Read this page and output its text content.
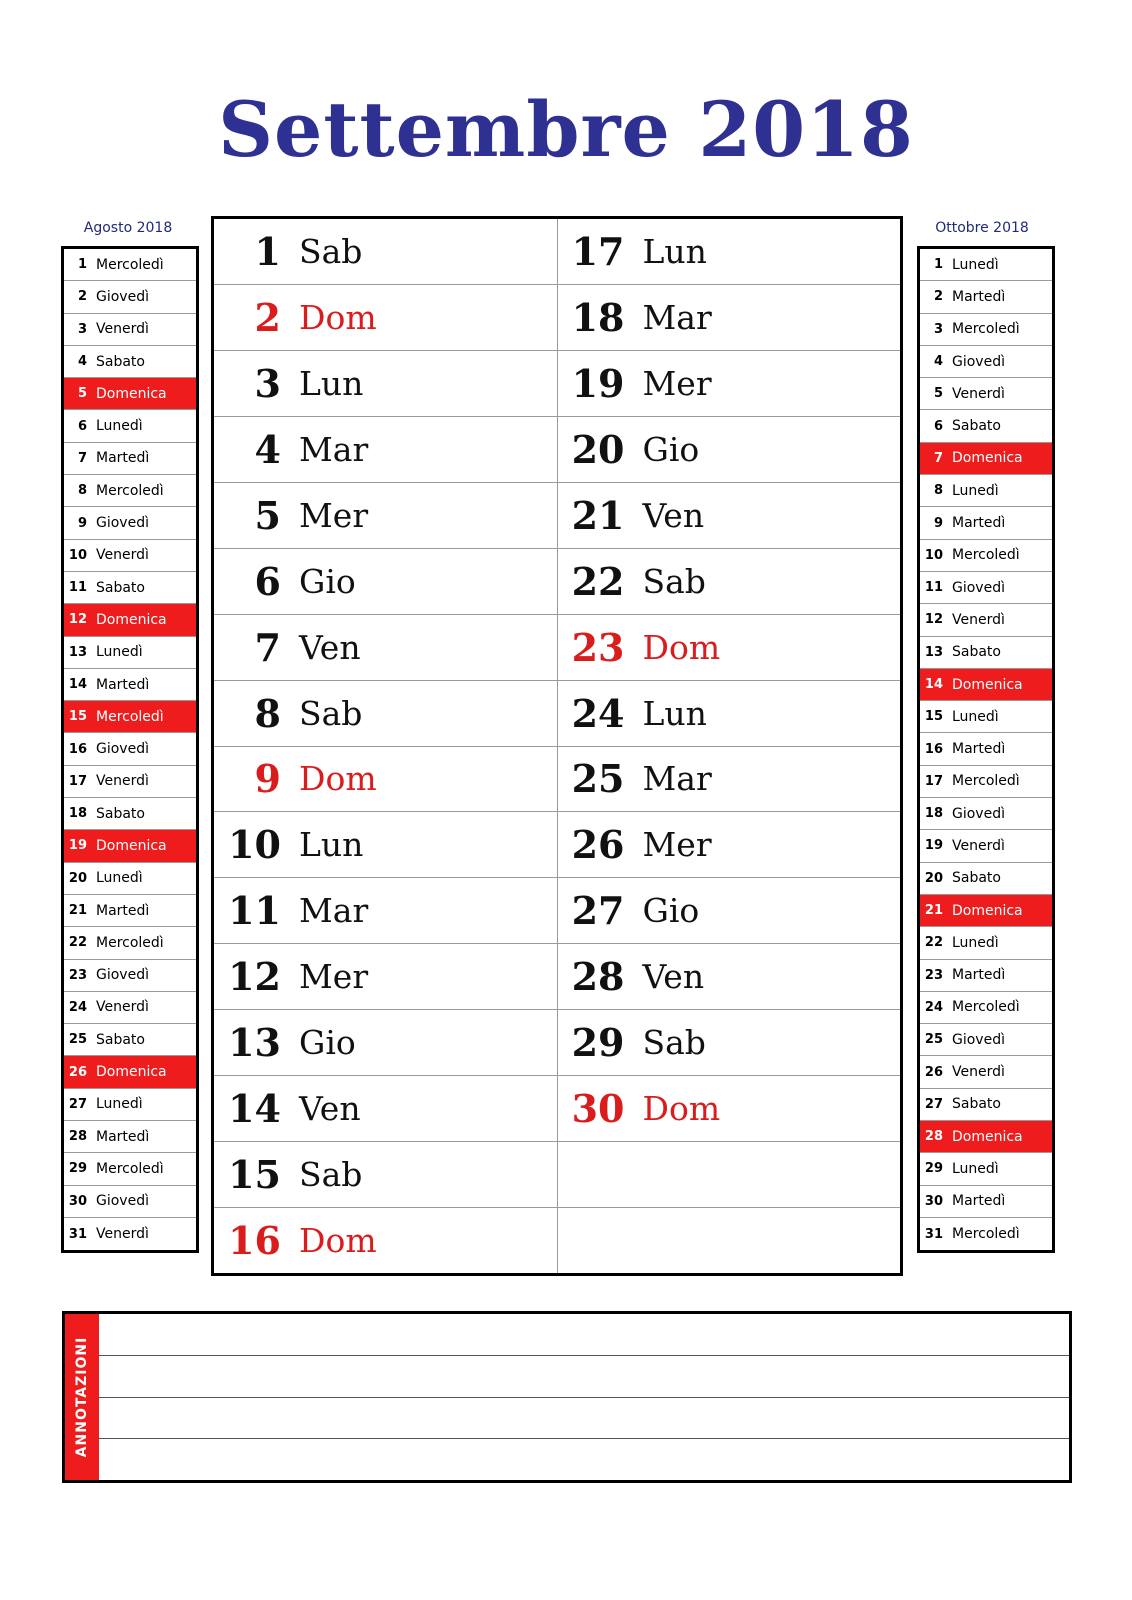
Settembre 2018
Agosto 2018
1 Mercoledì
2 Giovedì
3 Venerdì
4 Sabato
5 Domenica
6 Lunedì
7 Martedì
8 Mercoledì
9 Giovedì
10 Venerdì
11 Sabato
12 Domenica
13 Lunedì
14 Martedì
15 Mercoledì
16 Giovedì
17 Venerdì
18 Sabato
19 Domenica
20 Lunedì
21 Martedì
22 Mercoledì
23 Giovedì
24 Venerdì
25 Sabato
26 Domenica
27 Lunedì
28 Martedì
29 Mercoledì
30 Giovedì
31 Venerdì
Ottobre 2018
1 Lunedì
2 Martedì
3 Mercoledì
4 Giovedì
5 Venerdì
6 Sabato
7 Domenica
8 Lunedì
9 Martedì
10 Mercoledì
11 Giovedì
12 Venerdì
13 Sabato
14 Domenica
15 Lunedì
16 Martedì
17 Mercoledì
18 Giovedì
19 Venerdì
20 Sabato
21 Domenica
22 Lunedì
23 Martedì
24 Mercoledì
25 Giovedì
26 Venerdì
27 Sabato
28 Domenica
29 Lunedì
30 Martedì
31 Mercoledì
1 Sab
2 Dom
3 Lun
4 Mar
5 Mer
6 Gio
7 Ven
8 Sab
9 Dom
10 Lun
11 Mar
12 Mer
13 Gio
14 Ven
15 Sab
16 Dom
17 Lun
18 Mar
19 Mer
20 Gio
21 Ven
22 Sab
23 Dom
24 Lun
25 Mar
26 Mer
27 Gio
28 Ven
29 Sab
30 Dom
ANNOTAZIONI
